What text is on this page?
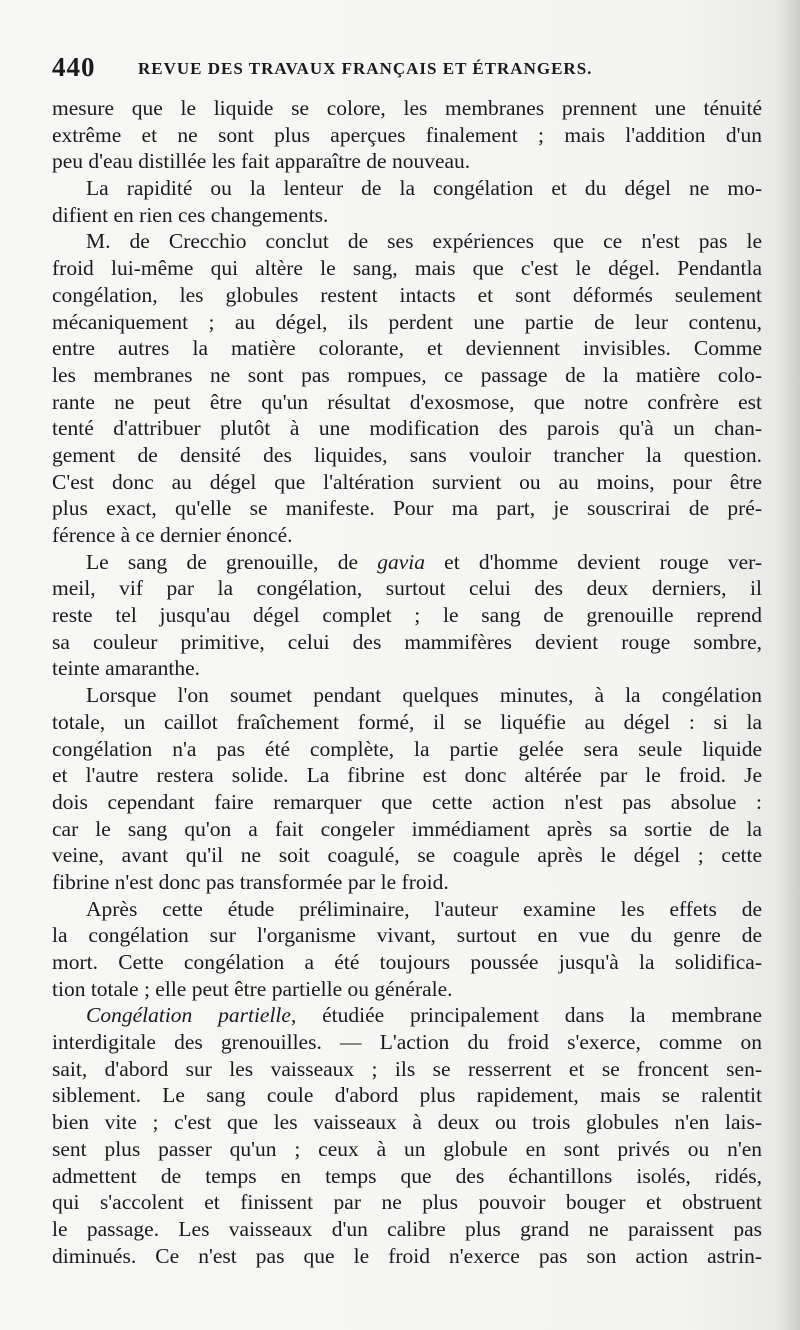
440	REVUE DES TRAVAUX FRANÇAIS ET ÉTRANGERS.
mesure que le liquide se colore, les membranes prennent une ténuité
extrême et ne sont plus aperçues finalement ; mais l'addition d'un
peu d'eau distillée les fait apparaître de nouveau.
La rapidité ou la lenteur de la congélation et du dégel ne mo-
difient en rien ces changements.
M. de Crecchio conclut de ses expériences que ce n'est pas le
froid lui-même qui altère le sang, mais que c'est le dégel. Pendantla
congélation, les globules restent intacts et sont déformés seulement
mécaniquement ; au dégel, ils perdent une partie de leur contenu,
entre autres la matière colorante, et deviennent invisibles. Comme
les membranes ne sont pas rompues, ce passage de la matière colo-
rante ne peut être qu'un résultat d'exosmose, que notre confrère est
tenté d'attribuer plutôt à une modification des parois qu'à un chan-
gement de densité des liquides, sans vouloir trancher la question.
C'est donc au dégel que l'altération survient ou au moins, pour être
plus exact, qu'elle se manifeste. Pour ma part, je souscrirai de pré-
férence à ce dernier énoncé.
Le sang de grenouille, de gavia et d'homme devient rouge ver-
meil, vif par la congélation, surtout celui des deux derniers, il
reste tel jusqu'au dégel complet ; le sang de grenouille reprend
sa couleur primitive, celui des mammifères devient rouge sombre,
teinte amaranthe.
Lorsque l'on soumet pendant quelques minutes, à la congélation
totale, un caillot fraîchement formé, il se liquéfie au dégel : si la
congélation n'a pas été complète, la partie gelée sera seule liquide
et l'autre restera solide. La fibrine est donc altérée par le froid. Je
dois cependant faire remarquer que cette action n'est pas absolue :
car le sang qu'on a fait congeler immédiament après sa sortie de la
veine, avant qu'il ne soit coagulé, se coagule après le dégel ; cette
fibrine n'est donc pas transformée par le froid.
Après cette étude préliminaire, l'auteur examine les effets de
la congélation sur l'organisme vivant, surtout en vue du genre de
mort. Cette congélation a été toujours poussée jusqu'à la solidifica-
tion totale ; elle peut être partielle ou générale.
Congélation partielle, étudiée principalement dans la membrane
interdigitale des grenouilles. — L'action du froid s'exerce, comme on
sait, d'abord sur les vaisseaux ; ils se resserrent et se froncent sen-
siblement. Le sang coule d'abord plus rapidement, mais se ralentit
bien vite ; c'est que les vaisseaux à deux ou trois globules n'en lais-
sent plus passer qu'un ; ceux à un globule en sont privés ou n'en
admettent de temps en temps que des échantillons isolés, ridés,
qui s'accolent et finissent par ne plus pouvoir bouger et obstruent
le passage. Les vaisseaux d'un calibre plus grand ne paraissent pas
diminués. Ce n'est pas que le froid n'exerce pas son action astrin-
